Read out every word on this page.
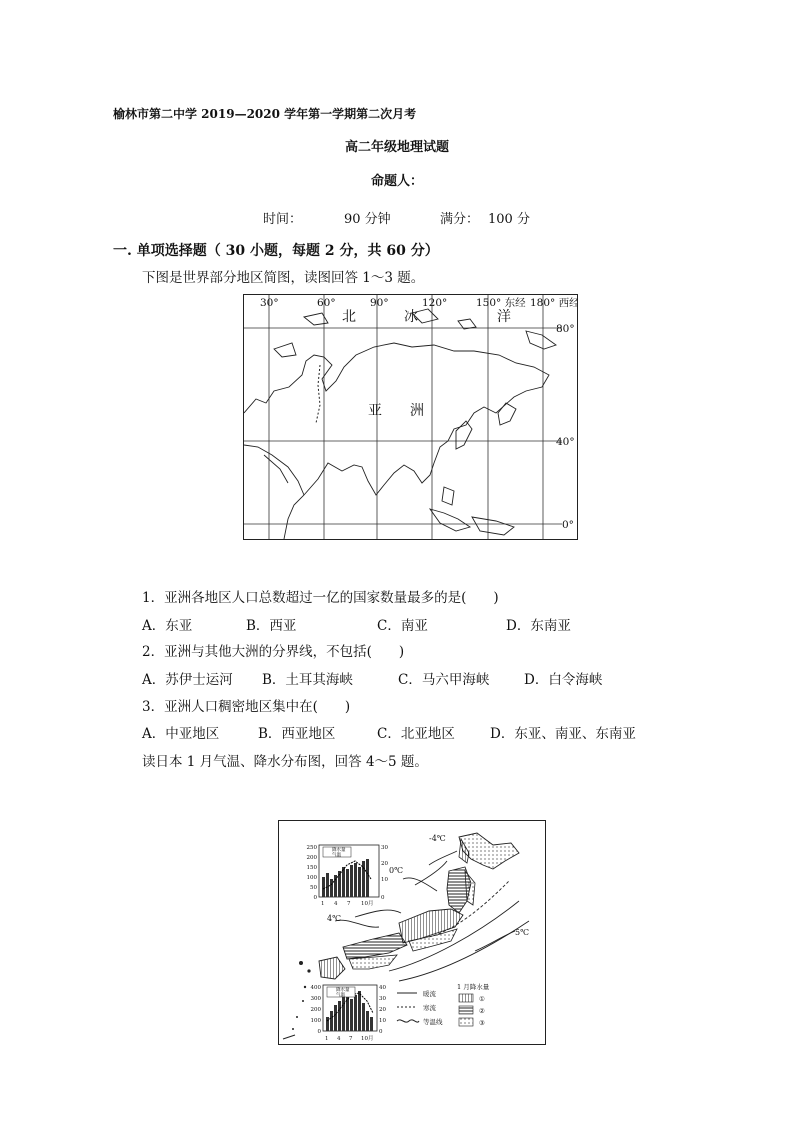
榆林市第二中学 2019—2020 学年第一学期第二次月考
高二年级地理试题
命题人：
时间：	90 分钟	满分： 100 分
一. 单项选择题（ 30 小题，每题 2 分，共 60 分）
下图是世界部分地区简图，读图回答 1～3 题。
30°	60°	90°	120°	150° 东经 180° 西经
80°
40°
0°
北	冰	洋
亚 洲
1．亚洲各地区人口总数超过一亿的国家数量最多的是(　　)
A．东亚	B．西亚	C．南亚	D．东南亚
2．亚洲与其他大洲的分界线，不包括(　　)
A．苏伊士运河 B．土耳其海峡	C．马六甲海峡	D．白令海峡
3．亚洲人口稠密地区集中在(　　)
A．中亚地区	B．西亚地区	C．北亚地区	D．东亚、南亚、东南亚
读日本 1 月气温、降水分布图，回答 4～5 题。
-4℃
0℃
4℃
5℃
降水量
气温
250
200
150
100
50
0
30
20
10
0
1 4 7 10月
降水量
气温
400
300
200
100
0
40
30
20
10
0
1 4 7 10月
暖流
寒流
等温线
1 月降水量
①
②
③
